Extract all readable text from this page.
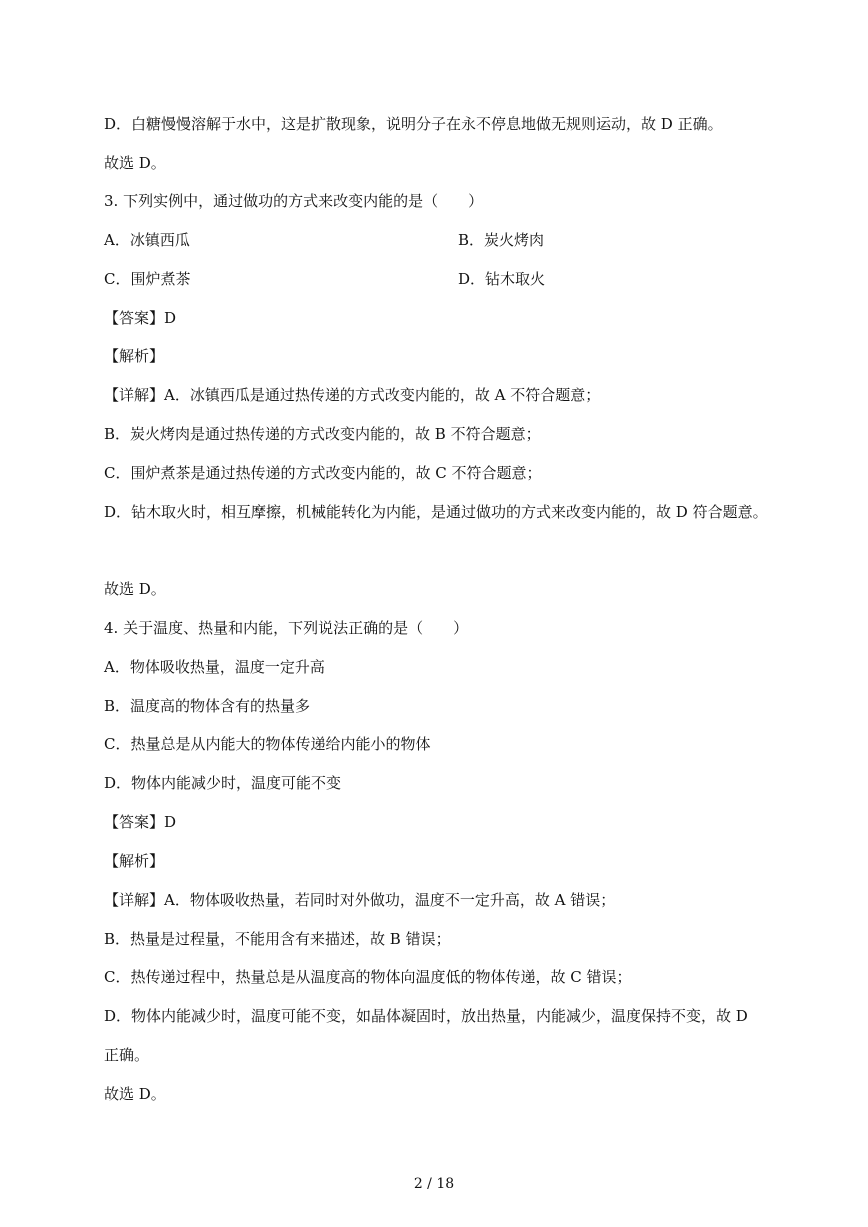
D．白糖慢慢溶解于水中，这是扩散现象，说明分子在永不停息地做无规则运动，故 D 正确。
故选 D。
3. 下列实例中，通过做功的方式来改变内能的是（　　）
A．冰镇西瓜	B．炭火烤肉
C．围炉煮茶	D．钻木取火
【答案】D
【解析】
【详解】A．冰镇西瓜是通过热传递的方式改变内能的，故 A 不符合题意；
B．炭火烤肉是通过热传递的方式改变内能的，故 B 不符合题意；
C．围炉煮茶是通过热传递的方式改变内能的，故 C 不符合题意；
D．钻木取火时，相互摩擦，机械能转化为内能，是通过做功的方式来改变内能的，故 D 符合题意。
故选 D。
4. 关于温度、热量和内能，下列说法正确的是（　　）
A．物体吸收热量，温度一定升高
B．温度高的物体含有的热量多
C．热量总是从内能大的物体传递给内能小的物体
D．物体内能减少时，温度可能不变
【答案】D
【解析】
【详解】A．物体吸收热量，若同时对外做功，温度不一定升高，故 A 错误；
B．热量是过程量，不能用含有来描述，故 B 错误；
C．热传递过程中，热量总是从温度高的物体向温度低的物体传递，故 C 错误；
D．物体内能减少时，温度可能不变，如晶体凝固时，放出热量，内能减少，温度保持不变，故 D
正确。
故选 D。
2 / 18
